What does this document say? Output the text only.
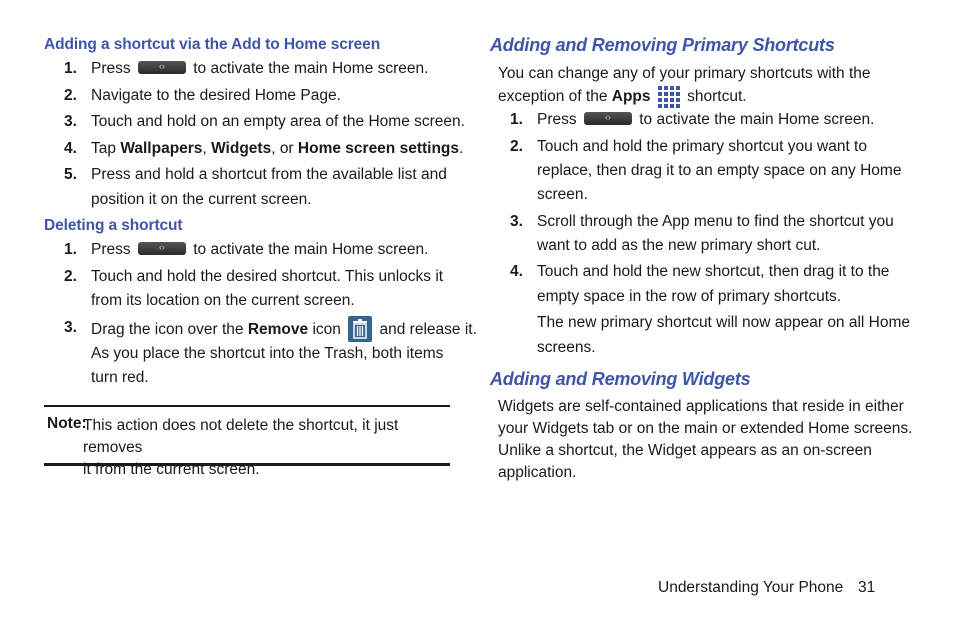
Adding a shortcut via the Add to Home screen
1. Press ‹›	to activate the main Home screen.
2. Navigate to the desired Home Page.
3. Touch and hold on an empty area of the Home screen.
4. Tap Wallpapers, Widgets, or Home screen settings.
5. Press and hold a shortcut from the available list and
position it on the current screen.
Deleting a shortcut
1. Press ‹›	to activate the main Home screen.
2. Touch and hold the desired shortcut. This unlocks it
from its location on the current screen.
3. Drag the icon over the Remove icon and release it.
As you place the shortcut into the Trash, both items
turn red.
Note:
This action does not delete the shortcut, it just removes
it from the current screen.
Adding and Removing Primary Shortcuts
You can change any of your primary shortcuts with the
exception of the Apps shortcut.
1. Press ‹›	to activate the main Home screen.
2. Touch and hold the primary shortcut you want to
replace, then drag it to an empty space on any Home
screen.
3. Scroll through the App menu to find the shortcut you
want to add as the new primary short cut.
4. Touch and hold the new shortcut, then drag it to the
empty space in the row of primary shortcuts.
The new primary shortcut will now appear on all Home
screens.
Adding and Removing Widgets
Widgets are self-contained applications that reside in either
your Widgets tab or on the main or extended Home screens.
Unlike a shortcut, the Widget appears as an on-screen
application.
Understanding Your Phone 31
